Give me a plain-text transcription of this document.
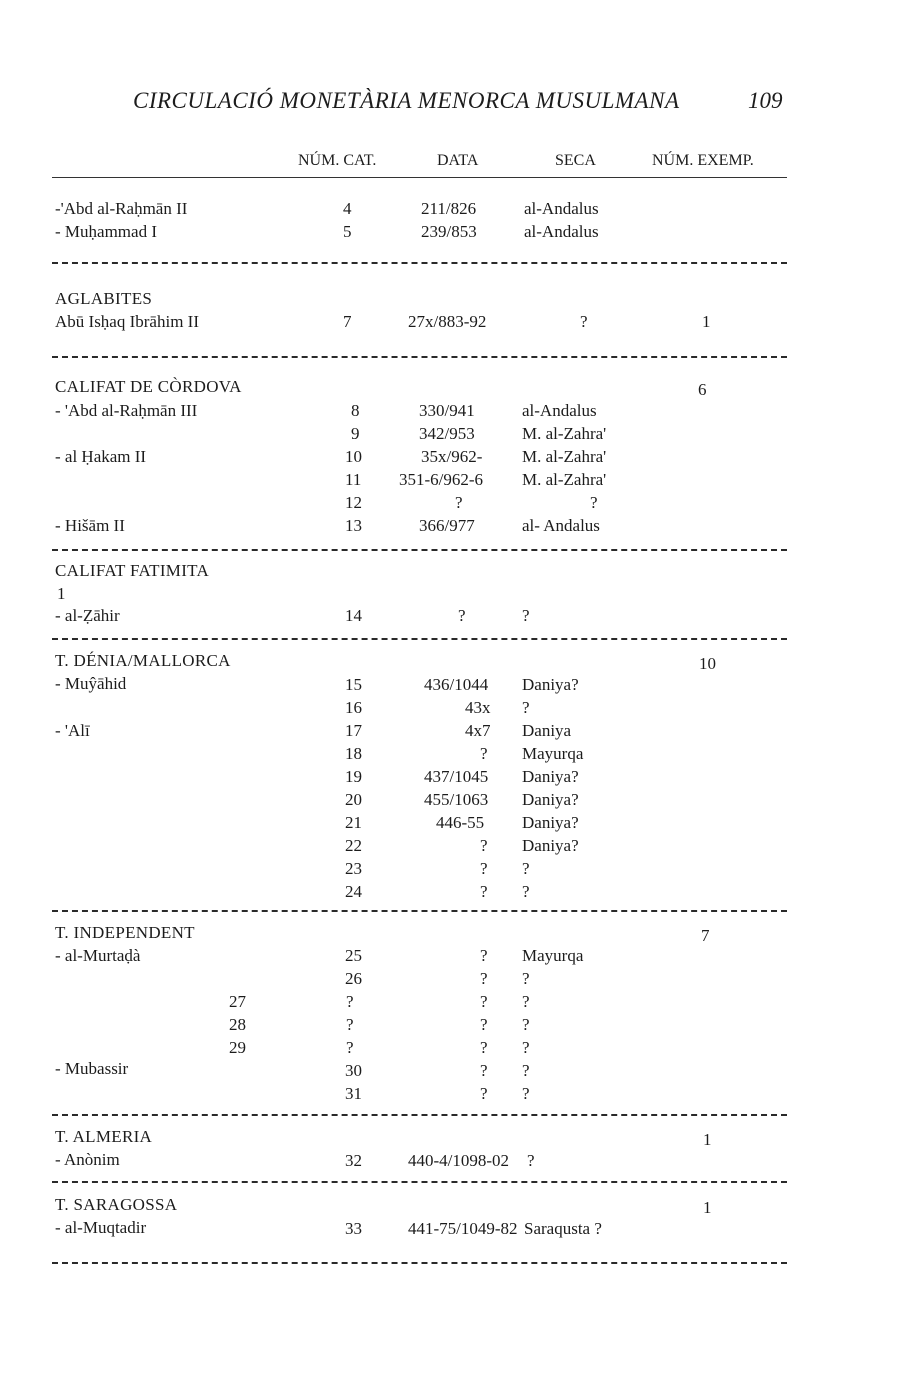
CIRCULACIÓ MONETÀRIA MENORCA MUSULMANA	109
NÚM. CAT.	DATA	SECA	NÚM. EXEMP.
-'Abd al-Raḥmān II	4	211/826	al-Andalus
- Muḥammad I	5	239/853	al-Andalus
AGLABITES
Abū Isḥaq Ibrāhim II	7	27x/883-92	?	1
CALIFAT DE CÒRDOVA	6
- 'Abd al-Raḥmān III	8	330/941	al-Andalus
9	342/953	M. al-Zahra'
- al Ḥakam II	10	35x/962- M. al-Zahra'
11 351-6/962-6 M. al-Zahra'
12	?	?
- Hišām II	13	366/977	al- Andalus
CALIFAT FATIMITA
1
- al-Ẓāhir	14	?	?
T. DÉNIA/MALLORCA	10
- Muŷāhid	15	436/1044 Daniya?
16	43x ?
- 'Alī	17	4x7 Daniya
18	? Mayurqa
19	437/1045 Daniya?
20	455/1063 Daniya?
21	446-55 Daniya?
22	? Daniya?
23	? ?
24	? ?
T. INDEPENDENT	7
- al-Murtaḍà	25	? Mayurqa
26	? ?
27	?	? ?
28	?	? ?
29	?	? ?
- Mubassir	30	? ?
31	? ?
T. ALMERIA	1
- Anònim	32	440-4/1098-02 ?
T. SARAGOSSA	1
- al-Muqtadir	33	441-75/1049-82 Saraqusta ?
